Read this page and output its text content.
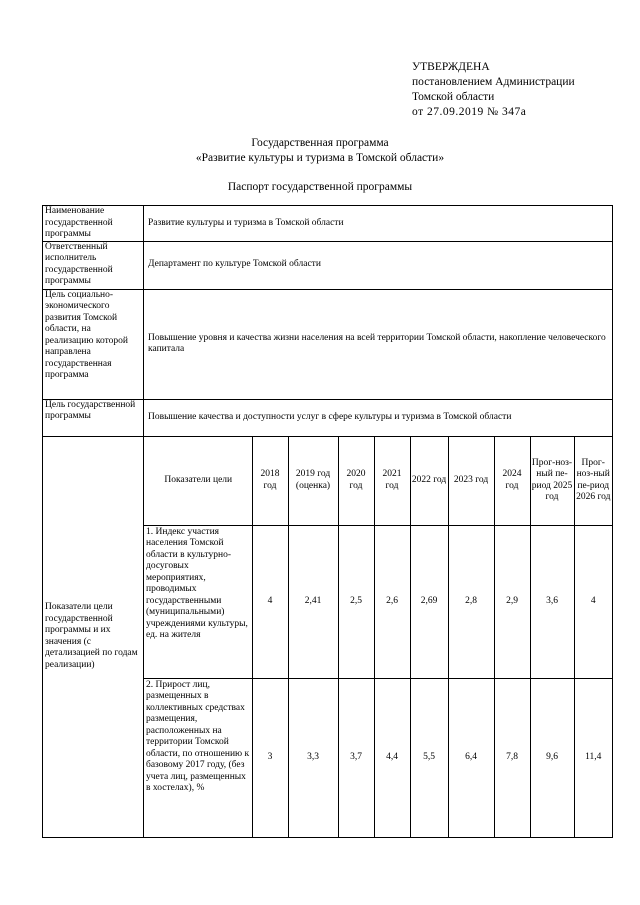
УТВЕРЖДЕНА
постановлением Администрации
Томской области
от 27.09.2019 № 347а
Государственная программа
«Развитие культуры и туризма в Томской области»
Паспорт государственной программы
Наименование государственной программы	Развитие культуры и туризма в Томской области
Ответственный исполнитель государственной программы	Департамент по культуре Томской области
Цель социально-экономического развития Томской области, на реализацию которой направлена государственная программа	Повышение уровня и качества жизни населения на всей территории Томской области, накопление человеческого капитала
Цель государственной программы	Повышение качества и доступности услуг в сфере культуры и туризма в Томской области
Показатели цели государственной программы и их значения (с детализацией по годам реализации)	
Показатели цели	2018 год	2019 год (оценка)	2020 год	2021 год	2022 год	2023 год	2024 год	Прог-ноз-ный пе-риод 2025 год	Прог-ноз-ный пе-риод 2026 год
1. Индекс участия населения Томской области в культурно-досуговых мероприятиях, проводимых государственными (муниципальными) учреждениями культуры, ед. на жителя	4	2,41	2,5	2,6	2,69	2,8	2,9	3,6	4
2. Прирост лиц, размещенных в коллективных средствах размещения, расположенных на территории Томской области, по отношению к базовому 2017 году, (без учета лиц, размещенных в хостелах), %	3	3,3	3,7	4,4	5,5	6,4	7,8	9,6	11,4
